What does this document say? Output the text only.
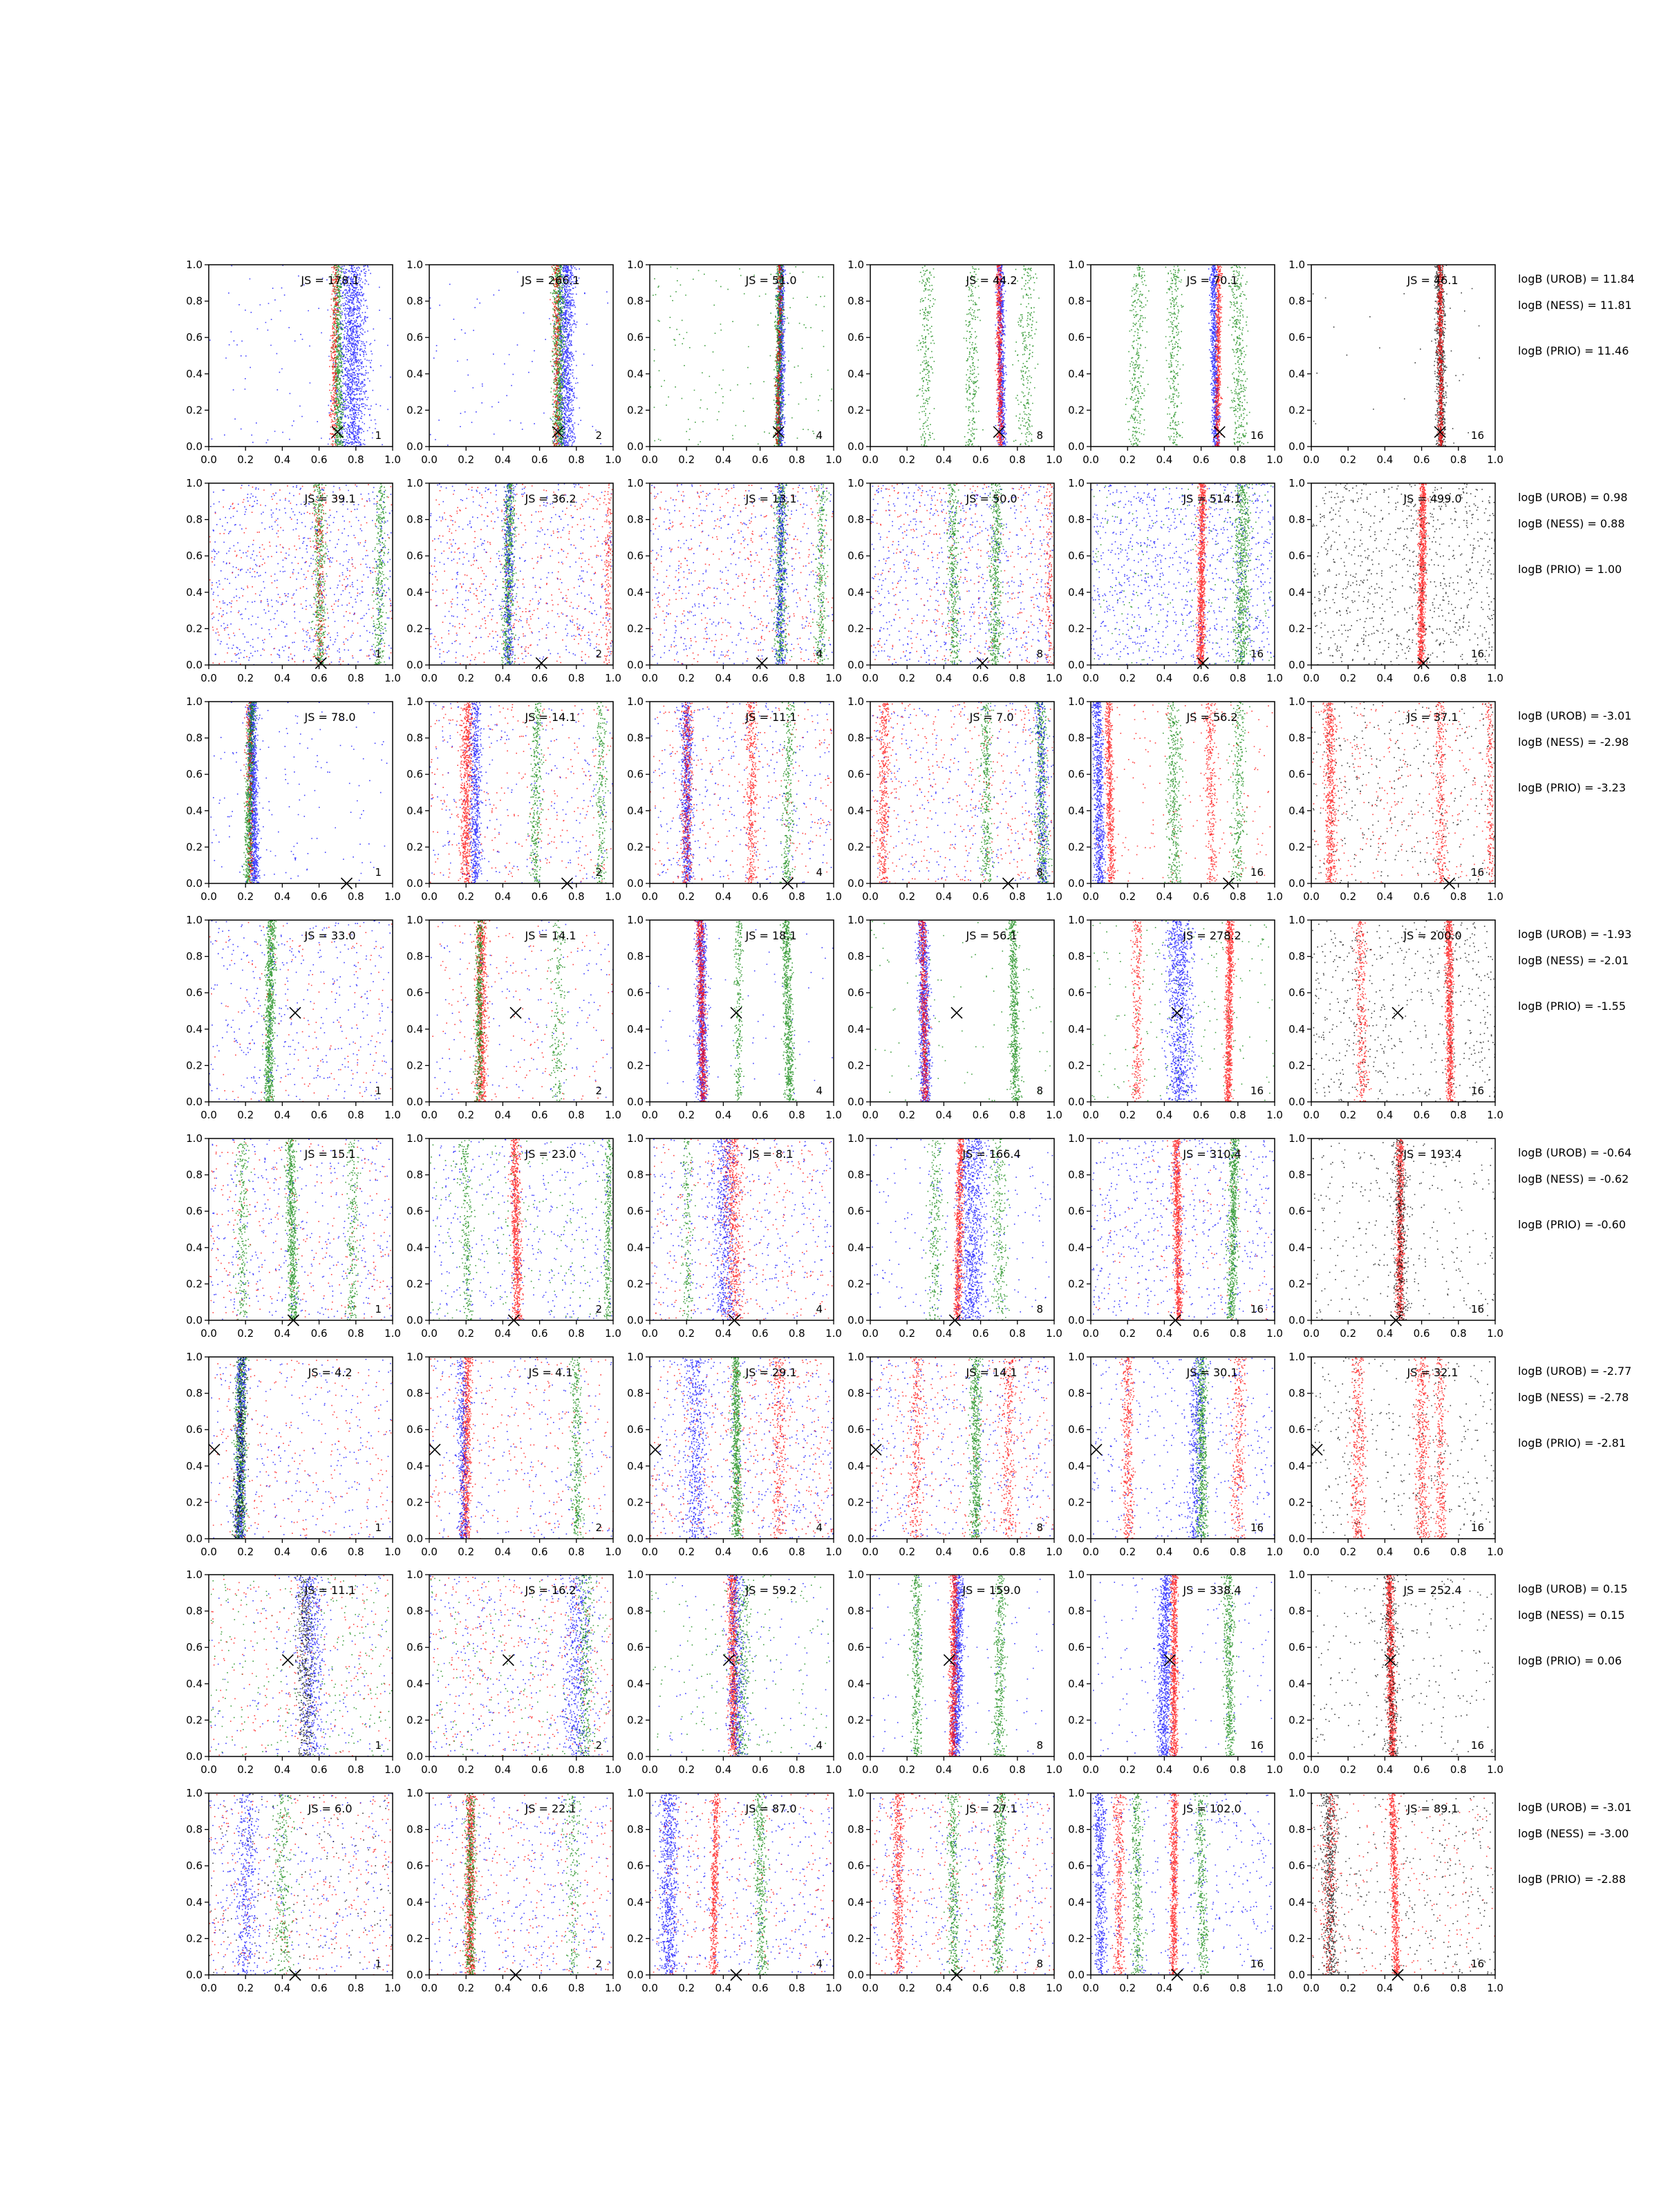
0.0 0.2 0.4 0.6 0.8 1.0
0.0
0.2
0.4
0.6
0.8
1.0
JS = 178.1
1
0.0 0.2 0.4 0.6 0.8 1.0
0.0
0.2
0.4
0.6
0.8
1.0
JS = 266.1
2
0.0 0.2 0.4 0.6 0.8 1.0
0.0
0.2
0.4
0.6
0.8
1.0
JS = 51.0
4
0.0 0.2 0.4 0.6 0.8 1.0
0.0
0.2
0.4
0.6
0.8
1.0
JS = 44.2
8
0.0 0.2 0.4 0.6 0.8 1.0
0.0
0.2
0.4
0.6
0.8
1.0
JS = 70.1
16
0.0 0.2 0.4 0.6 0.8 1.0
0.0
0.2
0.4
0.6
0.8
1.0
JS = 46.1
16
logB (UROB) = 11.84
logB (NESS) = 11.81
logB (PRIO) = 11.46
0.0 0.2 0.4 0.6 0.8 1.0
0.0
0.2
0.4
0.6
0.8
1.0
JS = 39.1
1
0.0 0.2 0.4 0.6 0.8 1.0
0.0
0.2
0.4
0.6
0.8
1.0
JS = 36.2
2
0.0 0.2 0.4 0.6 0.8 1.0
0.0
0.2
0.4
0.6
0.8
1.0
JS = 13.1
4
0.0 0.2 0.4 0.6 0.8 1.0
0.0
0.2
0.4
0.6
0.8
1.0
JS = 50.0
8
0.0 0.2 0.4 0.6 0.8 1.0
0.0
0.2
0.4
0.6
0.8
1.0
JS = 514.1
16
0.0 0.2 0.4 0.6 0.8 1.0
0.0
0.2
0.4
0.6
0.8
1.0
JS = 499.0
16
logB (UROB) = 0.98
logB (NESS) = 0.88
logB (PRIO) = 1.00
0.0 0.2 0.4 0.6 0.8 1.0
0.0
0.2
0.4
0.6
0.8
1.0
JS = 78.0
1
0.0 0.2 0.4 0.6 0.8 1.0
0.0
0.2
0.4
0.6
0.8
1.0
JS = 14.1
2
0.0 0.2 0.4 0.6 0.8 1.0
0.0
0.2
0.4
0.6
0.8
1.0
JS = 11.1
4
0.0 0.2 0.4 0.6 0.8 1.0
0.0
0.2
0.4
0.6
0.8
1.0
JS = 7.0
8
0.0 0.2 0.4 0.6 0.8 1.0
0.0
0.2
0.4
0.6
0.8
1.0
JS = 56.2
16
0.0 0.2 0.4 0.6 0.8 1.0
0.0
0.2
0.4
0.6
0.8
1.0
JS = 37.1
16
logB (UROB) = -3.01
logB (NESS) = -2.98
logB (PRIO) = -3.23
0.0 0.2 0.4 0.6 0.8 1.0
0.0
0.2
0.4
0.6
0.8
1.0
JS = 33.0
1
0.0 0.2 0.4 0.6 0.8 1.0
0.0
0.2
0.4
0.6
0.8
1.0
JS = 14.1
2
0.0 0.2 0.4 0.6 0.8 1.0
0.0
0.2
0.4
0.6
0.8
1.0
JS = 18.1
4
0.0 0.2 0.4 0.6 0.8 1.0
0.0
0.2
0.4
0.6
0.8
1.0
JS = 56.1
8
0.0 0.2 0.4 0.6 0.8 1.0
0.0
0.2
0.4
0.6
0.8
1.0
JS = 278.2
16
0.0 0.2 0.4 0.6 0.8 1.0
0.0
0.2
0.4
0.6
0.8
1.0
JS = 200.0
16
logB (UROB) = -1.93
logB (NESS) = -2.01
logB (PRIO) = -1.55
0.0 0.2 0.4 0.6 0.8 1.0
0.0
0.2
0.4
0.6
0.8
1.0
JS = 15.1
1
0.0 0.2 0.4 0.6 0.8 1.0
0.0
0.2
0.4
0.6
0.8
1.0
JS = 23.0
2
0.0 0.2 0.4 0.6 0.8 1.0
0.0
0.2
0.4
0.6
0.8
1.0
JS = 8.1
4
0.0 0.2 0.4 0.6 0.8 1.0
0.0
0.2
0.4
0.6
0.8
1.0
JS = 166.4
8
0.0 0.2 0.4 0.6 0.8 1.0
0.0
0.2
0.4
0.6
0.8
1.0
JS = 310.4
16
0.0 0.2 0.4 0.6 0.8 1.0
0.0
0.2
0.4
0.6
0.8
1.0
JS = 193.4
16
logB (UROB) = -0.64
logB (NESS) = -0.62
logB (PRIO) = -0.60
0.0 0.2 0.4 0.6 0.8 1.0
0.0
0.2
0.4
0.6
0.8
1.0
JS = 4.2
1
0.0 0.2 0.4 0.6 0.8 1.0
0.0
0.2
0.4
0.6
0.8
1.0
JS = 4.1
2
0.0 0.2 0.4 0.6 0.8 1.0
0.0
0.2
0.4
0.6
0.8
1.0
JS = 29.1
4
0.0 0.2 0.4 0.6 0.8 1.0
0.0
0.2
0.4
0.6
0.8
1.0
JS = 14.1
8
0.0 0.2 0.4 0.6 0.8 1.0
0.0
0.2
0.4
0.6
0.8
1.0
JS = 30.1
16
0.0 0.2 0.4 0.6 0.8 1.0
0.0
0.2
0.4
0.6
0.8
1.0
JS = 32.1
16
logB (UROB) = -2.77
logB (NESS) = -2.78
logB (PRIO) = -2.81
0.0 0.2 0.4 0.6 0.8 1.0
0.0
0.2
0.4
0.6
0.8
1.0
JS = 11.1
1
0.0 0.2 0.4 0.6 0.8 1.0
0.0
0.2
0.4
0.6
0.8
1.0
JS = 16.2
2
0.0 0.2 0.4 0.6 0.8 1.0
0.0
0.2
0.4
0.6
0.8
1.0
JS = 59.2
4
0.0 0.2 0.4 0.6 0.8 1.0
0.0
0.2
0.4
0.6
0.8
1.0
JS = 159.0
8
0.0 0.2 0.4 0.6 0.8 1.0
0.0
0.2
0.4
0.6
0.8
1.0
JS = 338.4
16
0.0 0.2 0.4 0.6 0.8 1.0
0.0
0.2
0.4
0.6
0.8
1.0
JS = 252.4
16
logB (UROB) = 0.15
logB (NESS) = 0.15
logB (PRIO) = 0.06
0.0 0.2 0.4 0.6 0.8 1.0
0.0
0.2
0.4
0.6
0.8
1.0
JS = 6.0
1
0.0 0.2 0.4 0.6 0.8 1.0
0.0
0.2
0.4
0.6
0.8
1.0
JS = 22.1
2
0.0 0.2 0.4 0.6 0.8 1.0
0.0
0.2
0.4
0.6
0.8
1.0
JS = 87.0
4
0.0 0.2 0.4 0.6 0.8 1.0
0.0
0.2
0.4
0.6
0.8
1.0
JS = 27.1
8
0.0 0.2 0.4 0.6 0.8 1.0
0.0
0.2
0.4
0.6
0.8
1.0
JS = 102.0
16
0.0 0.2 0.4 0.6 0.8 1.0
0.0
0.2
0.4
0.6
0.8
1.0
JS = 89.1
16
logB (UROB) = -3.01
logB (NESS) = -3.00
logB (PRIO) = -2.88
